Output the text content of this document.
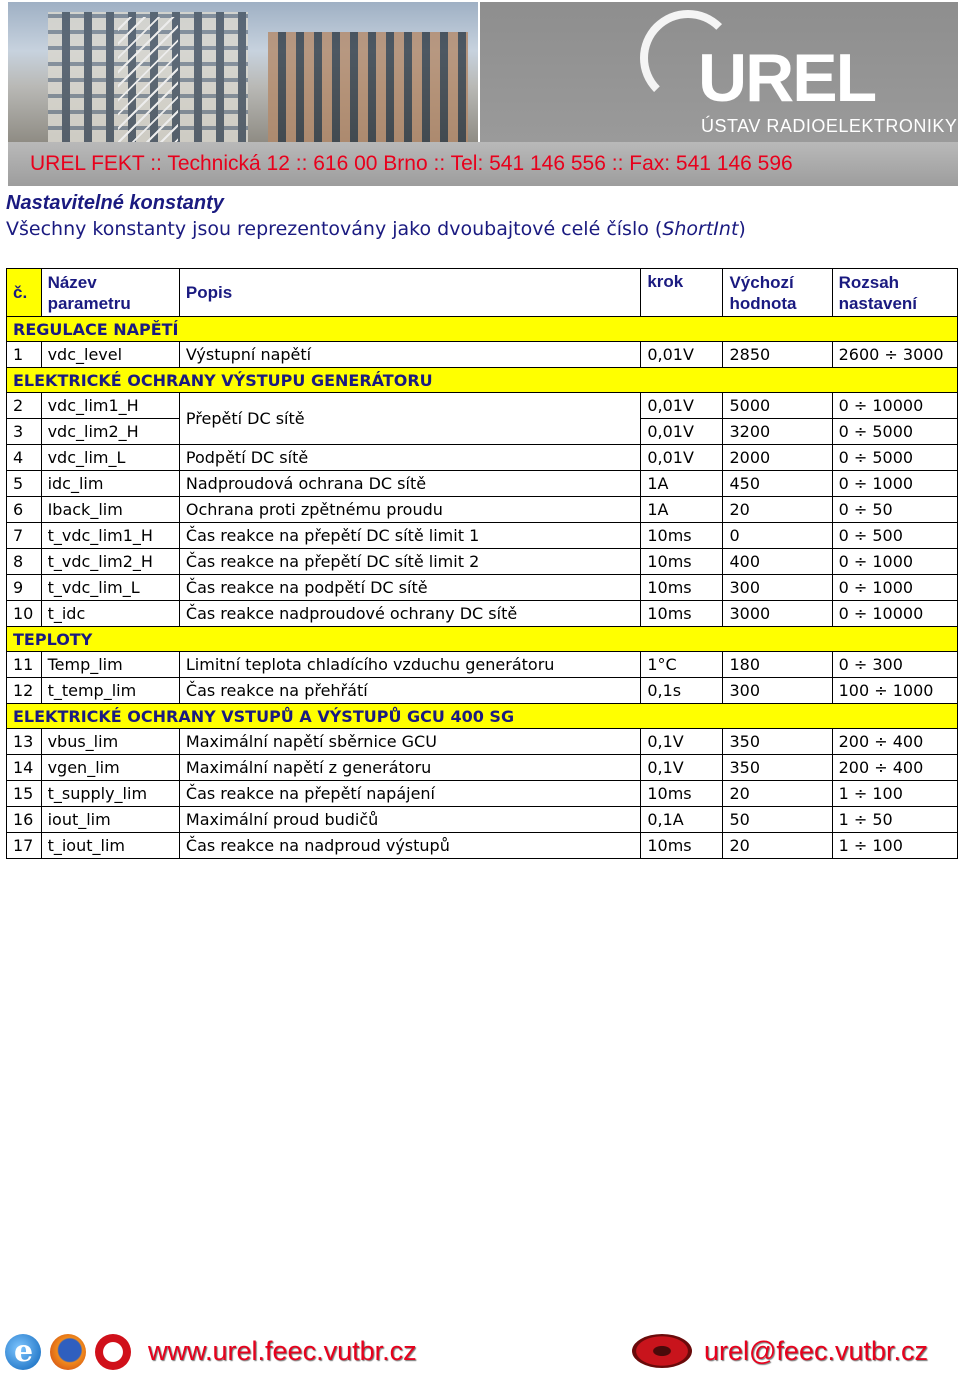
UREL
ÚSTAV RADIOELEKTRONIKY
UREL FEKT :: Technická 12 :: 616 00 Brno :: Tel: 541 146 556 :: Fax: 541 146 596
Nastavitelné konstanty
Všechny konstanty jsou reprezentovány jako dvoubajtové celé číslo (ShortInt)
č.	Název parametru	Popis	krok	Výchozí hodnota	Rozsah nastavení
REGULACE NAPĚTÍ					
1	vdc_level	Výstupní napětí	0,01V	2850	2600 ÷ 3000
ELEKTRICKÉ OCHRANY VÝSTUPU GENERÁTORU					
2	vdc_lim1_H	Přepětí DC sítě	0,01V	5000	0 ÷ 10000
3	vdc_lim2_H		0,01V	3200	0 ÷ 5000
4	vdc_lim_L	Podpětí DC sítě	0,01V	2000	0 ÷ 5000
5	idc_lim	Nadproudová ochrana DC sítě	1A	450	0 ÷ 1000
6	Iback_lim	Ochrana proti zpětnému proudu	1A	20	0 ÷ 50
7	t_vdc_lim1_H	Čas reakce na přepětí DC sítě limit 1	10ms	0	0 ÷ 500
8	t_vdc_lim2_H	Čas reakce na přepětí DC sítě limit 2	10ms	400	0 ÷ 1000
9	t_vdc_lim_L	Čas reakce na podpětí DC sítě	10ms	300	0 ÷ 1000
10	t_idc	Čas reakce nadproudové ochrany DC sítě	10ms	3000	0 ÷ 10000
TEPLOTY					
11	Temp_lim	Limitní teplota chladícího vzduchu generátoru	1°C	180	0 ÷ 300
12	t_temp_lim	Čas reakce na přehřátí	0,1s	300	100 ÷ 1000
ELEKTRICKÉ OCHRANY VSTUPŮ A VÝSTUPŮ GCU 400 SG					
13	vbus_lim	Maximální napětí sběrnice GCU	0,1V	350	200 ÷ 400
14	vgen_lim	Maximální napětí z generátoru	0,1V	350	200 ÷ 400
15	t_supply_lim	Čas reakce na přepětí napájení	10ms	20	1 ÷ 100
16	iout_lim	Maximální proud budičů	0,1A	50	1 ÷ 50
17	t_iout_lim	Čas reakce na nadproud výstupů	10ms	20	1 ÷ 100
e	www.urel.feec.vutbr.cz	urel@feec.vutbr.cz
